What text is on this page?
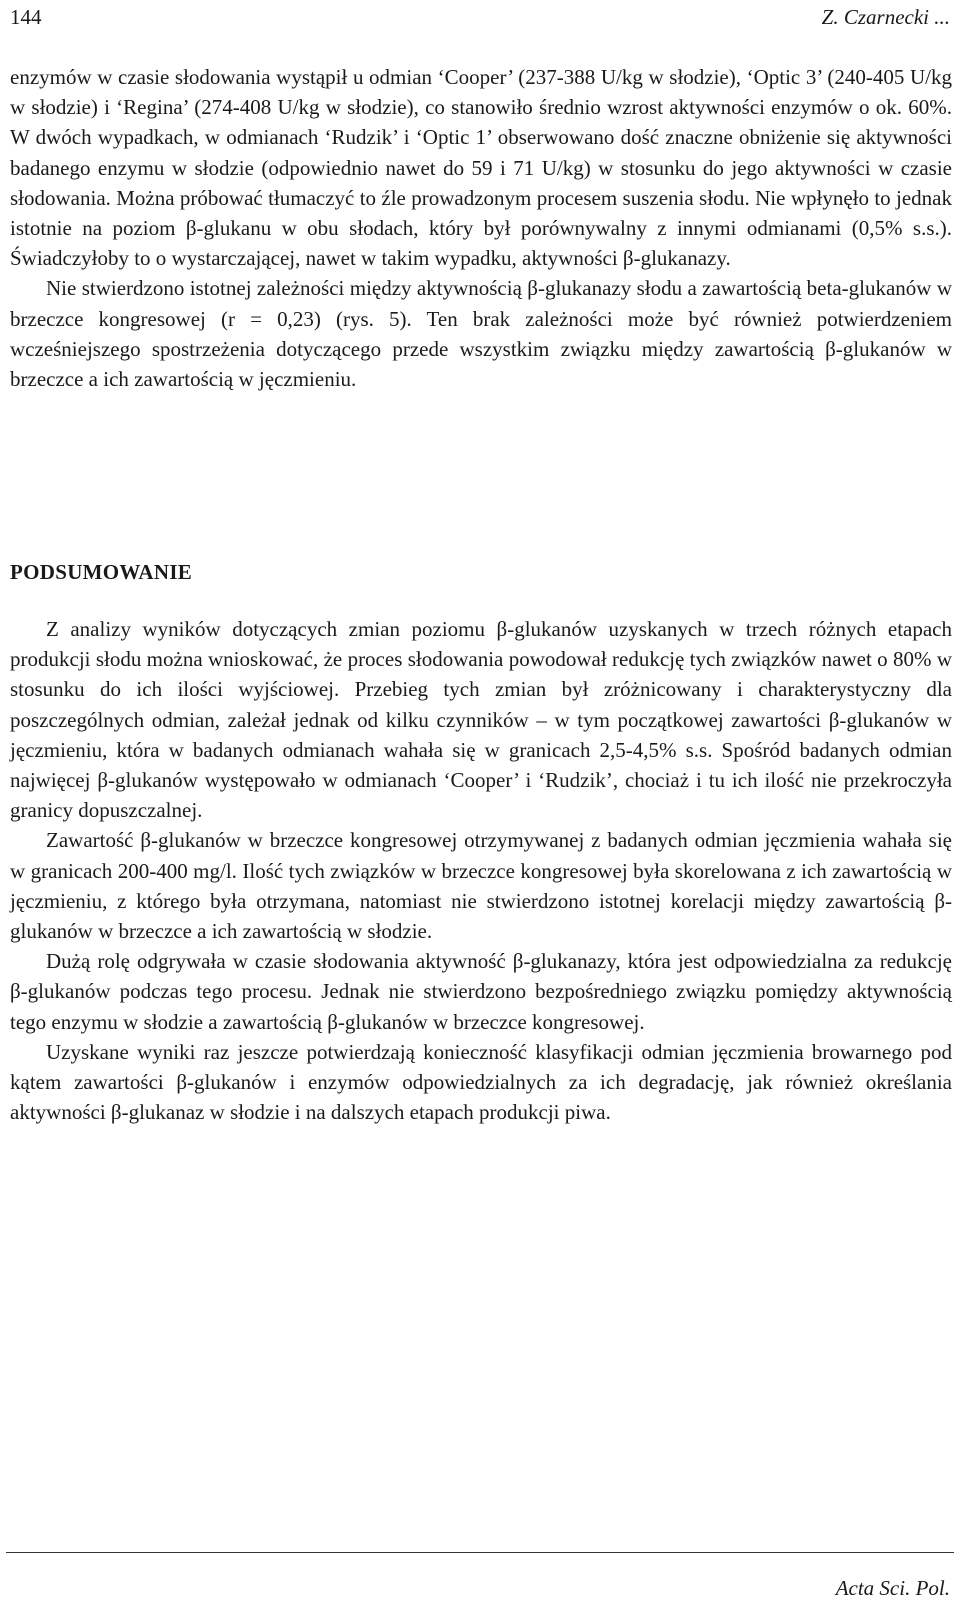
144	Z. Czarnecki ...

enzymów w czasie słodowania wystąpił u odmian ‘Cooper’ (237-388 U/kg w słodzie), ‘Optic 3’ (240-405 U/kg w słodzie) i ‘Regina’ (274-408 U/kg w słodzie), co stanowiło średnio wzrost aktywności enzymów o ok. 60%. W dwóch wypadkach, w odmianach ‘Rudzik’ i ‘Optic 1’ obserwowano dość znaczne obniżenie się aktywności badanego enzymu w słodzie (odpowiednio nawet do 59 i 71 U/kg) w stosunku do jego aktywności w czasie słodowania. Można próbować tłumaczyć to źle prowadzonym procesem suszenia słodu. Nie wpłynęło to jednak istotnie na poziom β-glukanu w obu słodach, który był porównywalny z innymi odmianami (0,5% s.s.). Świadczyłoby to o wystarczającej, nawet w takim wypadku, aktywności β-glukanazy.

Nie stwierdzono istotnej zależności między aktywnością β-glukanazy słodu a zawartością beta-glukanów w brzeczce kongresowej (r = 0,23) (rys. 5). Ten brak zależności może być również potwierdzeniem wcześniejszego spostrzeżenia dotyczącego przede wszystkim związku między zawartością β-glukanów w brzeczce a ich zawartością w jęczmieniu.

PODSUMOWANIE

Z analizy wyników dotyczących zmian poziomu β-glukanów uzyskanych w trzech różnych etapach produkcji słodu można wnioskować, że proces słodowania powodował redukcję tych związków nawet o 80% w stosunku do ich ilości wyjściowej. Przebieg tych zmian był zróżnicowany i charakterystyczny dla poszczególnych odmian, zależał jednak od kilku czynników – w tym początkowej zawartości β-glukanów w jęczmieniu, która w badanych odmianach wahała się w granicach 2,5-4,5% s.s. Spośród badanych odmian najwięcej β-glukanów występowało w odmianach ‘Cooper’ i ‘Rudzik’, chociaż i tu ich ilość nie przekroczyła granicy dopuszczalnej.

Zawartość β-glukanów w brzeczce kongresowej otrzymywanej z badanych odmian jęczmienia wahała się w granicach 200-400 mg/l. Ilość tych związków w brzeczce kongresowej była skorelowana z ich zawartością w jęczmieniu, z którego była otrzymana, natomiast nie stwierdzono istotnej korelacji między zawartością β-glukanów w brzeczce a ich zawartością w słodzie.

Dużą rolę odgrywała w czasie słodowania aktywność β-glukanazy, która jest odpowiedzialna za redukcję β-glukanów podczas tego procesu. Jednak nie stwierdzono bezpośredniego związku pomiędzy aktywnością tego enzymu w słodzie a zawartością β-glukanów w brzeczce kongresowej.

Uzyskane wyniki raz jeszcze potwierdzają konieczność klasyfikacji odmian jęczmienia browarnego pod kątem zawartości β-glukanów i enzymów odpowiedzialnych za ich degradację, jak również określania aktywności β-glukanaz w słodzie i na dalszych etapach produkcji piwa.

Acta Sci. Pol.
